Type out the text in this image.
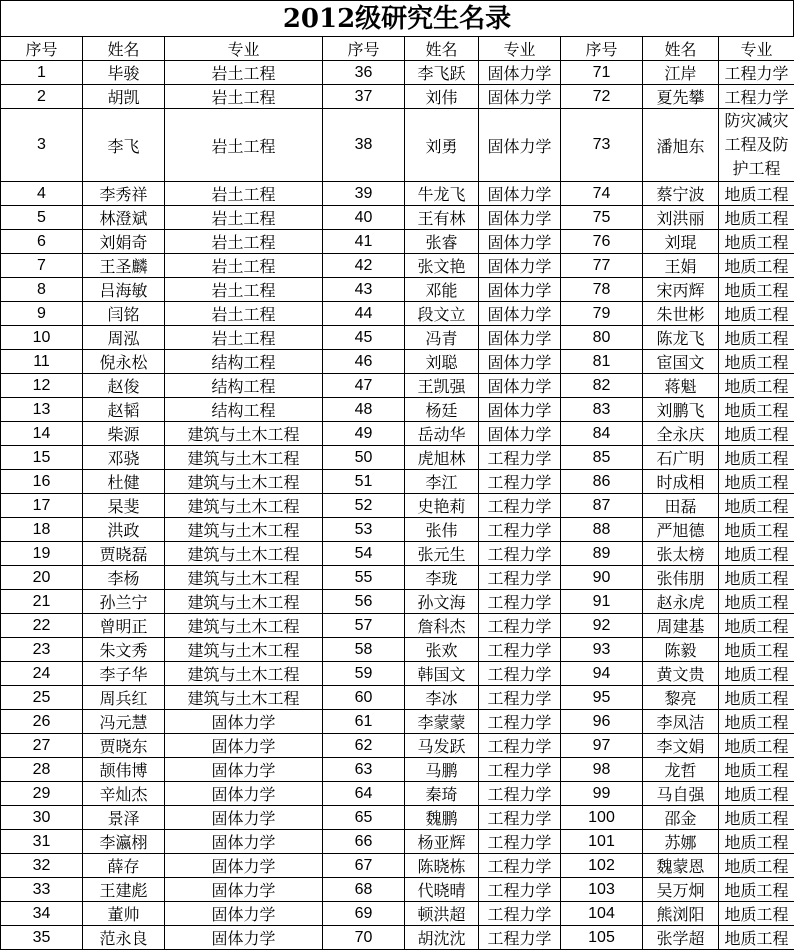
2012级研究生名录
序号	姓名	专业	序号	姓名	专业	序号	姓名	专业
1	毕骏	岩土工程	36	李飞跃	固体力学	71	江岸	工程力学
2	胡凯	岩土工程	37	刘伟	固体力学	72	夏先攀	工程力学
3	李飞	岩土工程	38	刘勇	固体力学	73	潘旭东	防灾减灾工程及防护工程
4	李秀祥	岩土工程	39	牛龙飞	固体力学	74	蔡宁波	地质工程
5	林澄斌	岩土工程	40	王有林	固体力学	75	刘洪丽	地质工程
6	刘娟奇	岩土工程	41	张睿	固体力学	76	刘琨	地质工程
7	王圣麟	岩土工程	42	张文艳	固体力学	77	王娟	地质工程
8	吕海敏	岩土工程	43	邓能	固体力学	78	宋丙辉	地质工程
9	闫铭	岩土工程	44	段文立	固体力学	79	朱世彬	地质工程
10	周泓	岩土工程	45	冯青	固体力学	80	陈龙飞	地质工程
11	倪永松	结构工程	46	刘聪	固体力学	81	宦国文	地质工程
12	赵俊	结构工程	47	王凯强	固体力学	82	蒋魁	地质工程
13	赵韬	结构工程	48	杨廷	固体力学	83	刘鹏飞	地质工程
14	柴源	建筑与土木工程	49	岳动华	固体力学	84	全永庆	地质工程
15	邓骁	建筑与土木工程	50	虎旭林	工程力学	85	石广明	地质工程
16	杜健	建筑与土木工程	51	李江	工程力学	86	时成相	地质工程
17	杲斐	建筑与土木工程	52	史艳莉	工程力学	87	田磊	地质工程
18	洪政	建筑与土木工程	53	张伟	工程力学	88	严旭德	地质工程
19	贾晓磊	建筑与土木工程	54	张元生	工程力学	89	张太榜	地质工程
20	李杨	建筑与土木工程	55	李珑	工程力学	90	张伟朋	地质工程
21	孙兰宁	建筑与土木工程	56	孙文海	工程力学	91	赵永虎	地质工程
22	曾明正	建筑与土木工程	57	詹科杰	工程力学	92	周建基	地质工程
23	朱文秀	建筑与土木工程	58	张欢	工程力学	93	陈毅	地质工程
24	李子华	建筑与土木工程	59	韩国文	工程力学	94	黄文贵	地质工程
25	周兵红	建筑与土木工程	60	李冰	工程力学	95	黎亮	地质工程
26	冯元慧	固体力学	61	李蒙蒙	工程力学	96	李凤洁	地质工程
27	贾晓东	固体力学	62	马发跃	工程力学	97	李文娟	地质工程
28	颉伟博	固体力学	63	马鹏	工程力学	98	龙哲	地质工程
29	辛灿杰	固体力学	64	秦琦	工程力学	99	马自强	地质工程
30	景泽	固体力学	65	魏鹏	工程力学	100	邵金	地质工程
31	李瀛栩	固体力学	66	杨亚辉	工程力学	101	苏娜	地质工程
32	薛存	固体力学	67	陈晓栋	工程力学	102	魏蒙恩	地质工程
33	王建彪	固体力学	68	代晓晴	工程力学	103	吴万炯	地质工程
34	董帅	固体力学	69	顿洪超	工程力学	104	熊浏阳	地质工程
35	范永良	固体力学	70	胡沈沈	工程力学	105	张学超	地质工程
